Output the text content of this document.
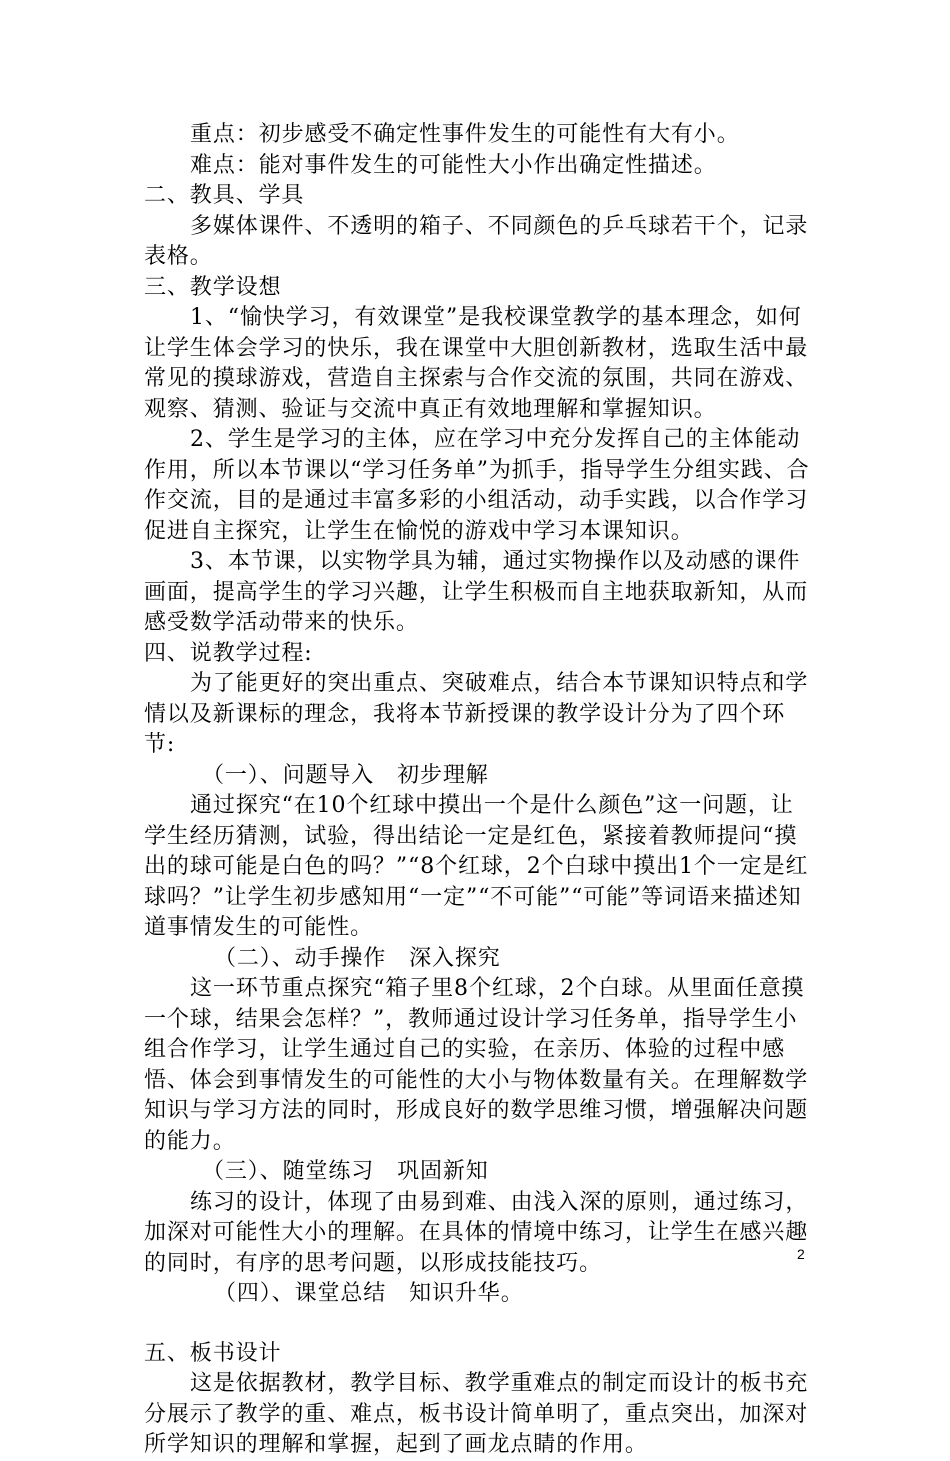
重点：初步感受不确定性事件发生的可能性有大有小。

难点：能对事件发生的可能性大小作出确定性描述。

二、教具、学具

多媒体课件、不透明的箱子、不同颜色的乒乓球若干个，记录表格。

三、教学设想

1、“愉快学习，有效课堂”是我校课堂教学的基本理念，如何让学生体会学习的快乐，我在课堂中大胆创新教材，选取生活中最常见的摸球游戏，营造自主探索与合作交流的氛围，共同在游戏、观察、猜测、验证与交流中真正有效地理解和掌握知识。

2、学生是学习的主体，应在学习中充分发挥自己的主体能动作用，所以本节课以“学习任务单”为抓手，指导学生分组实践、合作交流，目的是通过丰富多彩的小组活动，动手实践，以合作学习促进自主探究，让学生在愉悦的游戏中学习本课知识。

3、本节课，以实物学具为辅，通过实物操作以及动感的课件画面，提高学生的学习兴趣，让学生积极而自主地获取新知，从而感受数学活动带来的快乐。

四、说教学过程:

为了能更好的突出重点、突破难点，结合本节课知识特点和学情以及新课标的理念，我将本节新授课的教学设计分为了四个环节:

（一）、问题导入　初步理解

通过探究“在10个红球中摸出一个是什么颜色”这一问题，让学生经历猜测，试验，得出结论一定是红色，紧接着教师提问“摸出的球可能是白色的吗？”“8个红球，2个白球中摸出1个一定是红球吗？”让学生初步感知用“一定”“不可能”“可能”等词语来描述知道事情发生的可能性。

（二）、动手操作　深入探究

这一环节重点探究“箱子里8个红球，2个白球。从里面任意摸一个球，结果会怎样？”，教师通过设计学习任务单，指导学生小组合作学习，让学生通过自己的实验，在亲历、体验的过程中感悟、体会到事情发生的可能性的大小与物体数量有关。在理解数学知识与学习方法的同时，形成良好的数学思维习惯，增强解决问题的能力。

（三）、随堂练习　巩固新知

练习的设计，体现了由易到难、由浅入深的原则，通过练习，加深对可能性大小的理解。在具体的情境中练习，让学生在感兴趣的同时，有序的思考问题，以形成技能技巧。

（四）、课堂总结　知识升华。

五、板书设计

这是依据教材，教学目标、教学重难点的制定而设计的板书充分展示了教学的重、难点，板书设计简单明了，重点突出，加深对所学知识的理解和掌握，起到了画龙点睛的作用。

2
